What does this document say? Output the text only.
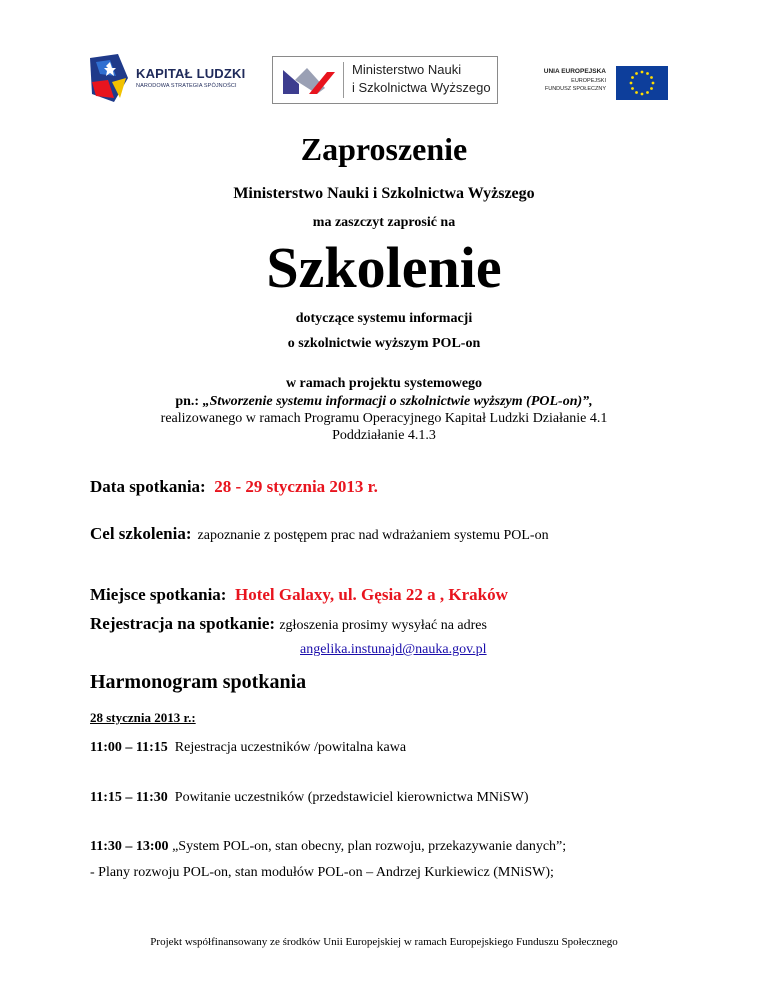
KAPITAŁ LUDZKI
NARODOWA STRATEGIA SPÓJNOŚCI
Ministerstwo Nauki
i Szkolnictwa Wyższego
UNIA EUROPEJSKA
EUROPEJSKI
FUNDUSZ SPOŁECZNY
Zaproszenie
Ministerstwo Nauki i Szkolnictwa Wyższego
ma zaszczyt zaprosić na
Szkolenie
dotyczące systemu informacji
o szkolnictwie wyższym POL-on
w ramach projektu systemowego
pn.: „Stworzenie systemu informacji o szkolnictwie wyższym (POL-on)”,
realizowanego w ramach Programu Operacyjnego Kapitał Ludzki Działanie 4.1
Poddziałanie 4.1.3
Data spotkania: 28 - 29 stycznia 2013 r.
Cel szkolenia: zapoznanie z postępem prac nad wdrażaniem systemu POL-on
Miejsce spotkania: Hotel Galaxy, ul. Gęsia 22 a , Kraków
Rejestracja na spotkanie: zgłoszenia prosimy wysyłać na adres
angelika.instunajd@nauka.gov.pl
Harmonogram spotkania
28 stycznia 2013 r.:
11:00 – 11:15 Rejestracja uczestników /powitalna kawa
11:15 – 11:30 Powitanie uczestników (przedstawiciel kierownictwa MNiSW)
11:30 – 13:00 „System POL-on, stan obecny, plan rozwoju, przekazywanie danych”;
- Plany rozwoju POL-on, stan modułów POL-on – Andrzej Kurkiewicz (MNiSW);
Projekt współfinansowany ze środków Unii Europejskiej w ramach Europejskiego Funduszu Społecznego
